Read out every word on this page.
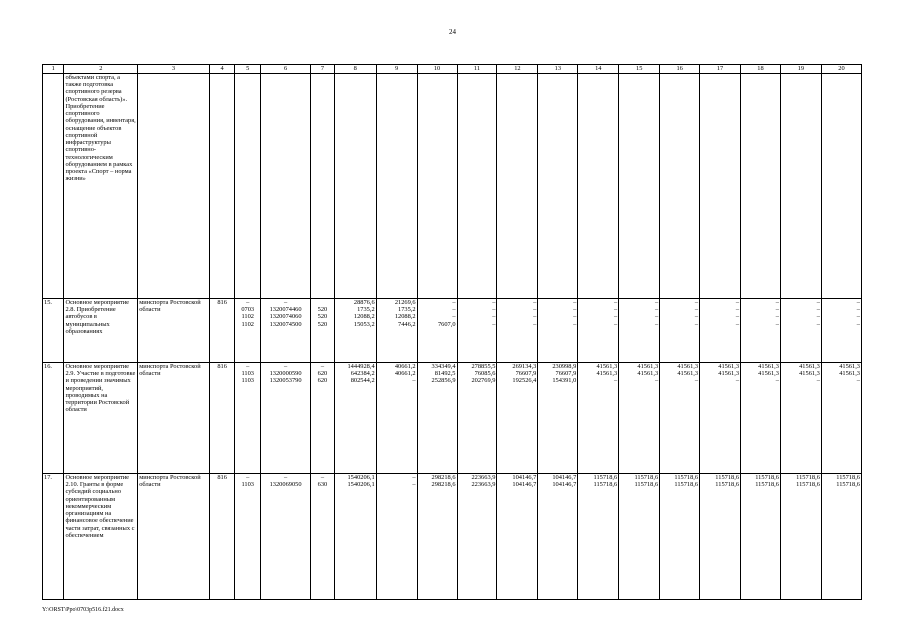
24
1	2	3	4	5	6	7	8	9	10	11	12	13	14	15	16	17	18	19	20
	объектами спорта, а также подготовка спортивного резерва (Ростовская область)». Приобретение спортивного оборудования, инвентаря, оснащение объектов спортивной инфраструктуры спортивно-технологическим оборудованием в рамках проекта «Спорт – норма жизни»																		
15.	Основное мероприятие 2.8. Приобретение автобусов в муниципальных образованиях	минспорта Ростовской области	816	–
0703
1102
1102	–
1320074460
1320074060
1320074500	520
520
520	28876,6
1735,2
12088,2
15053,2	21269,6
1735,2
12088,2
7446,2	–
–
–
7607,0	–
–
–
–	–
–
–
–	–
–
–
–	–
–
–
–	–
–
–
–	–
–
–
–	–
–
–
–	–
–
–
–	–
–
–
–	–
–
–
–

16.	Основное мероприятие 2.9. Участие в подготовке и проведении значимых мероприятий, проводимых на территории Ростовской области	минспорта Ростовской области	816	–
1103
1103	–
1320000590
1320053790	–
620
620	1444928,4
642384,2
802544,2	40661,2
40661,2
–	334349,4
81492,5
252856,9	278855,5
76085,6
202769,9	269134,3
76607,9
192526,4	230998,9
76607,9
154391,0	41561,3
41561,3
–	41561,3
41561,3
–	41561,3
41561,3
–	41561,3
41561,3
–	41561,3
41561,3
–	41561,3
41561,3
–	41561,3
41561,3
–

17.	Основное мероприятие 2.10. Гранты в форме субсидий социально ориентированным некоммерческим организациям на финансовое обеспечение части затрат, связанных с обеспечением	минспорта Ростовской области	816	–
1103	–
1320069050	–
630	1540206,1
1540206,1	–
–	298218,6
298218,6	223663,9
223663,9	104146,7
104146,7	104146,7
104146,7	115718,6
115718,6	115718,6
115718,6	115718,6
115718,6	115718,6
115718,6	115718,6
115718,6	115718,6
115718,6	115718,6
115718,6
Y:\ORST\Ppo\0703p516.f21.docx
